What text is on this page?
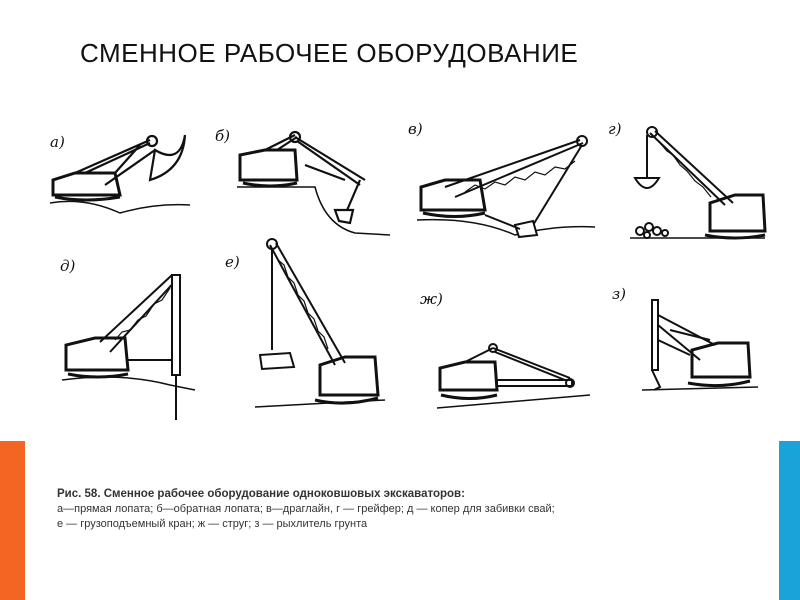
СМЕННОЕ РАБОЧЕЕ ОБОРУДОВАНИЕ
а)	б)	в)	г)
д)	е)
ж)	з)
Рис. 58. Сменное рабочее оборудование одноковшовых экскаваторов:
а—прямая лопата; б—обратная лопата; в—драглайн, г — грейфер; д — копер для забивки свай;
е — грузоподъемный кран; ж — струг; з — рыхлитель грунта
